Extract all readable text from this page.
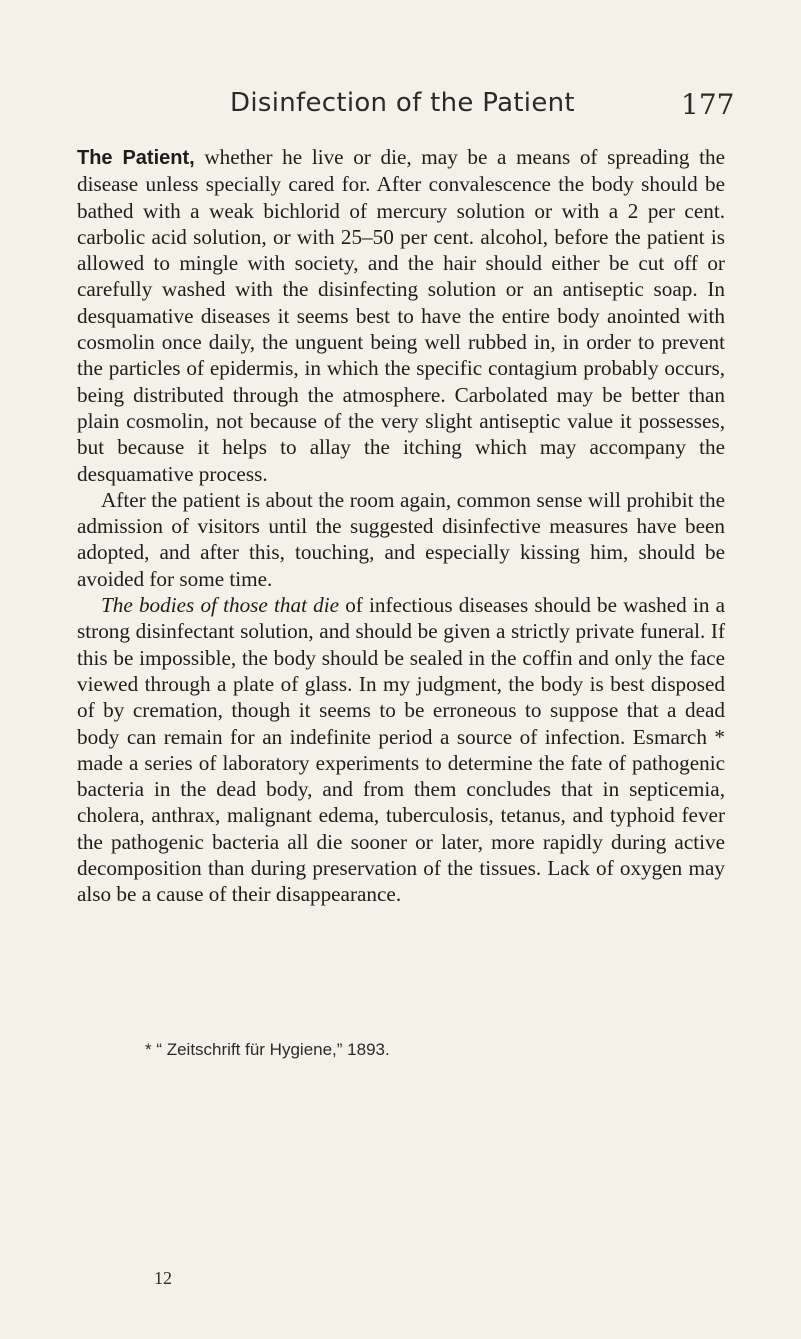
Disinfection of the Patient	177

The Patient, whether he live or die, may be a means of spreading the disease unless specially cared for. After convalescence the body should be bathed with a weak bichlorid of mercury solution or with a 2 per cent. carbolic acid solution, or with 25–50 per cent. alcohol, before the patient is allowed to mingle with society, and the hair should either be cut off or carefully washed with the disinfecting solution or an antiseptic soap. In desquamative diseases it seems best to have the entire body anointed with cosmolin once daily, the unguent being well rubbed in, in order to prevent the particles of epidermis, in which the specific contagium probably occurs, being distributed through the atmosphere. Carbolated may be better than plain cosmolin, not because of the very slight antiseptic value it possesses, but because it helps to allay the itching which may accompany the desquamative process.

After the patient is about the room again, common sense will prohibit the admission of visitors until the suggested disinfective measures have been adopted, and after this, touching, and especially kissing him, should be avoided for some time.

The bodies of those that die of infectious diseases should be washed in a strong disinfectant solution, and should be given a strictly private funeral. If this be impossible, the body should be sealed in the coffin and only the face viewed through a plate of glass. In my judgment, the body is best disposed of by cremation, though it seems to be erroneous to suppose that a dead body can remain for an indefinite period a source of infection. Esmarch * made a series of laboratory experiments to determine the fate of pathogenic bacteria in the dead body, and from them concludes that in septicemia, cholera, anthrax, malignant edema, tuberculosis, tetanus, and typhoid fever the pathogenic bacteria all die sooner or later, more rapidly during active decomposition than during preservation of the tissues. Lack of oxygen may also be a cause of their disappearance.

* “ Zeitschrift für Hygiene,” 1893.
12
